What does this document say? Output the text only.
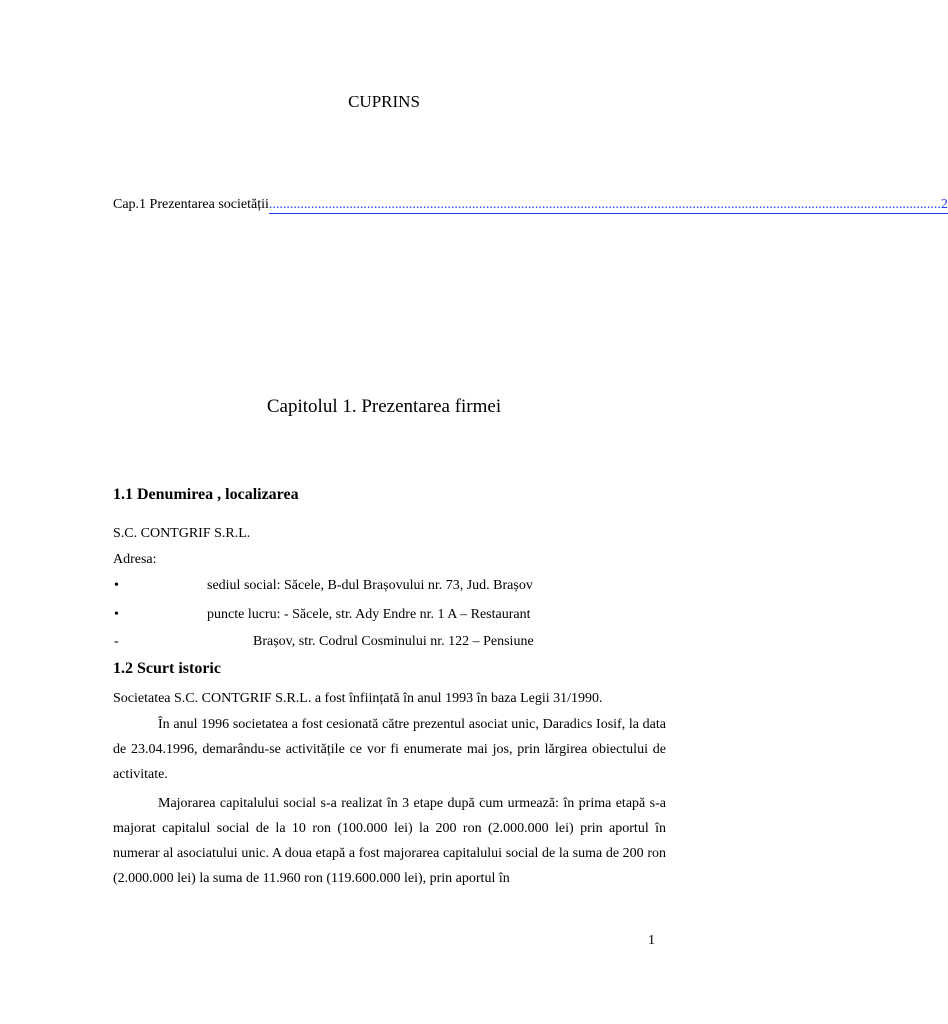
CUPRINS
Cap.1 Prezentarea societății
.....	2
Capitolul 1. Prezentarea firmei
1.1 Denumirea , localizarea

S.C. CONTGRIF S.R.L.

Adresa:

•	sediul social: Săcele, B-dul Brașovului nr. 73, Jud. Brașov
•	puncte lucru: - Săcele, str. Ady Endre nr. 1 A – Restaurant
-	Brașov, str. Codrul Cosminului nr. 122 – Pensiune
1.2 Scurt istoric

Societatea S.C. CONTGRIF S.R.L. a fost înființată în anul 1993 în baza Legii 31/1990.

În anul 1996 societatea a fost cesionată către prezentul asociat unic, Daradics Iosif, la data de 23.04.1996, demarându-se activitățile ce vor fi enumerate mai jos, prin lărgirea obiectului de activitate.

Majorarea capitalului social s-a realizat în 3 etape după cum urmează: în prima etapă s-a majorat capitalul social de la 10 ron (100.000 lei) la 200 ron (2.000.000 lei) prin aportul în numerar al asociatului unic. A doua etapă a fost majorarea capitalului social de la suma de 200 ron (2.000.000 lei) la suma de 11.960 ron (119.600.000 lei), prin aportul în

1
